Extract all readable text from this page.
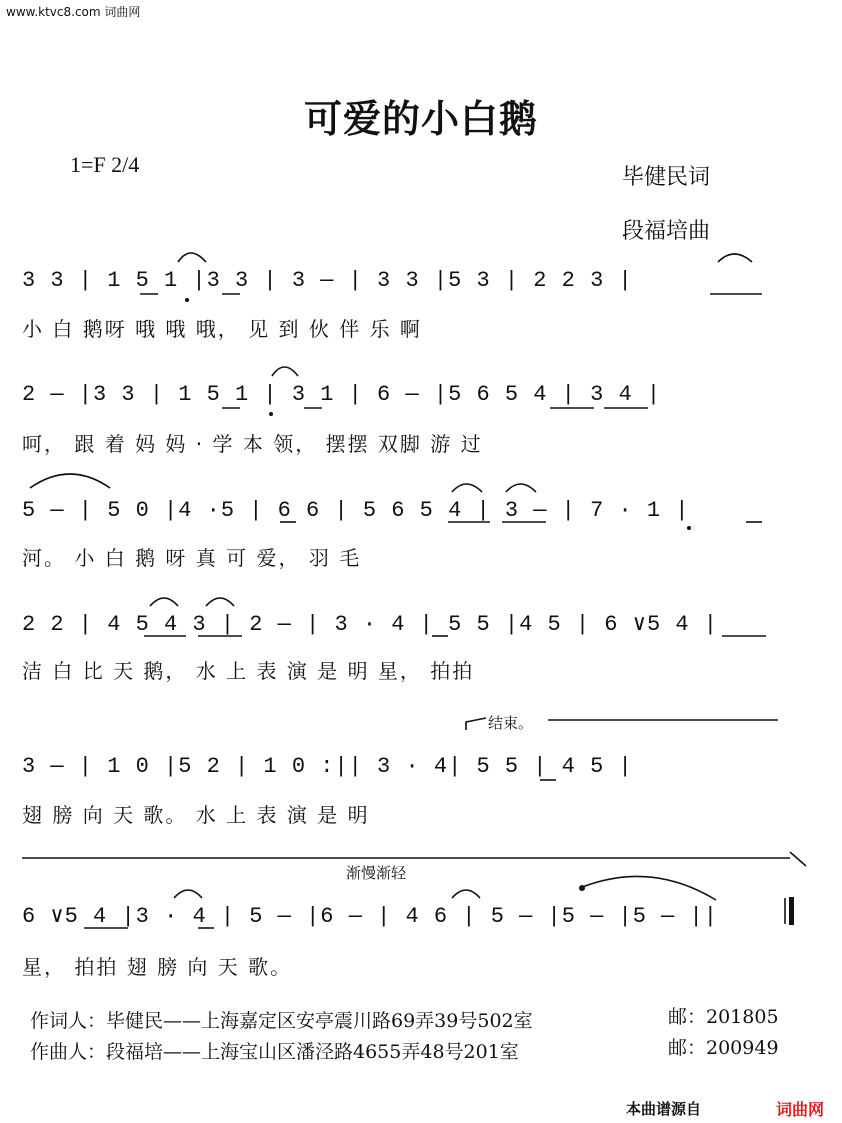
www.ktvc8.com 词曲网
可爱的小白鹅
1=F 2/4
毕健民词
段福培曲
3 3 | 1 5 1 |3 3 | 3 — | 3 3 |5 3 | 2 2 3 |
小 白 鹅呀 哦 哦 哦， 见 到 伙 伴 乐 啊
2 — |3 3 | 1 5 1 | 3 1 | 6 — |5 6 5 4 | 3 4 |
呵， 跟 着 妈 妈 · 学 本 领， 摆摆 双脚 游 过
5 — | 5 0 |4 ·5 | 6 6 | 5 6 5 4 | 3 — | 7 · 1 |
河。 小 白 鹅 呀 真 可 爱， 羽 毛
2 2 | 4 5 4 3 | 2 — | 3 · 4 | 5 5 |4 5 | 6 ∨5 4 |
洁 白 比 天 鹅， 水 上 表 演 是 明 星， 拍拍
结束。
3 — | 1 0 |5 2 | 1 0 :|| 3 · 4| 5 5 | 4 5 |
翅 膀 向 天 歌。 水 上 表 演 是 明
渐慢渐轻
6 ∨5 4 |3 · 4 | 5 — |6 — | 4 6 | 5 — |5 — |5 — ||
星， 拍拍 翅 膀 向 天 歌。
作词人：毕健民——上海嘉定区安亭震川路69弄39号502室	邮：201805
作曲人：段福培——上海宝山区潘泾路4655弄48号201室	邮：200949
本曲谱源自	词曲网
